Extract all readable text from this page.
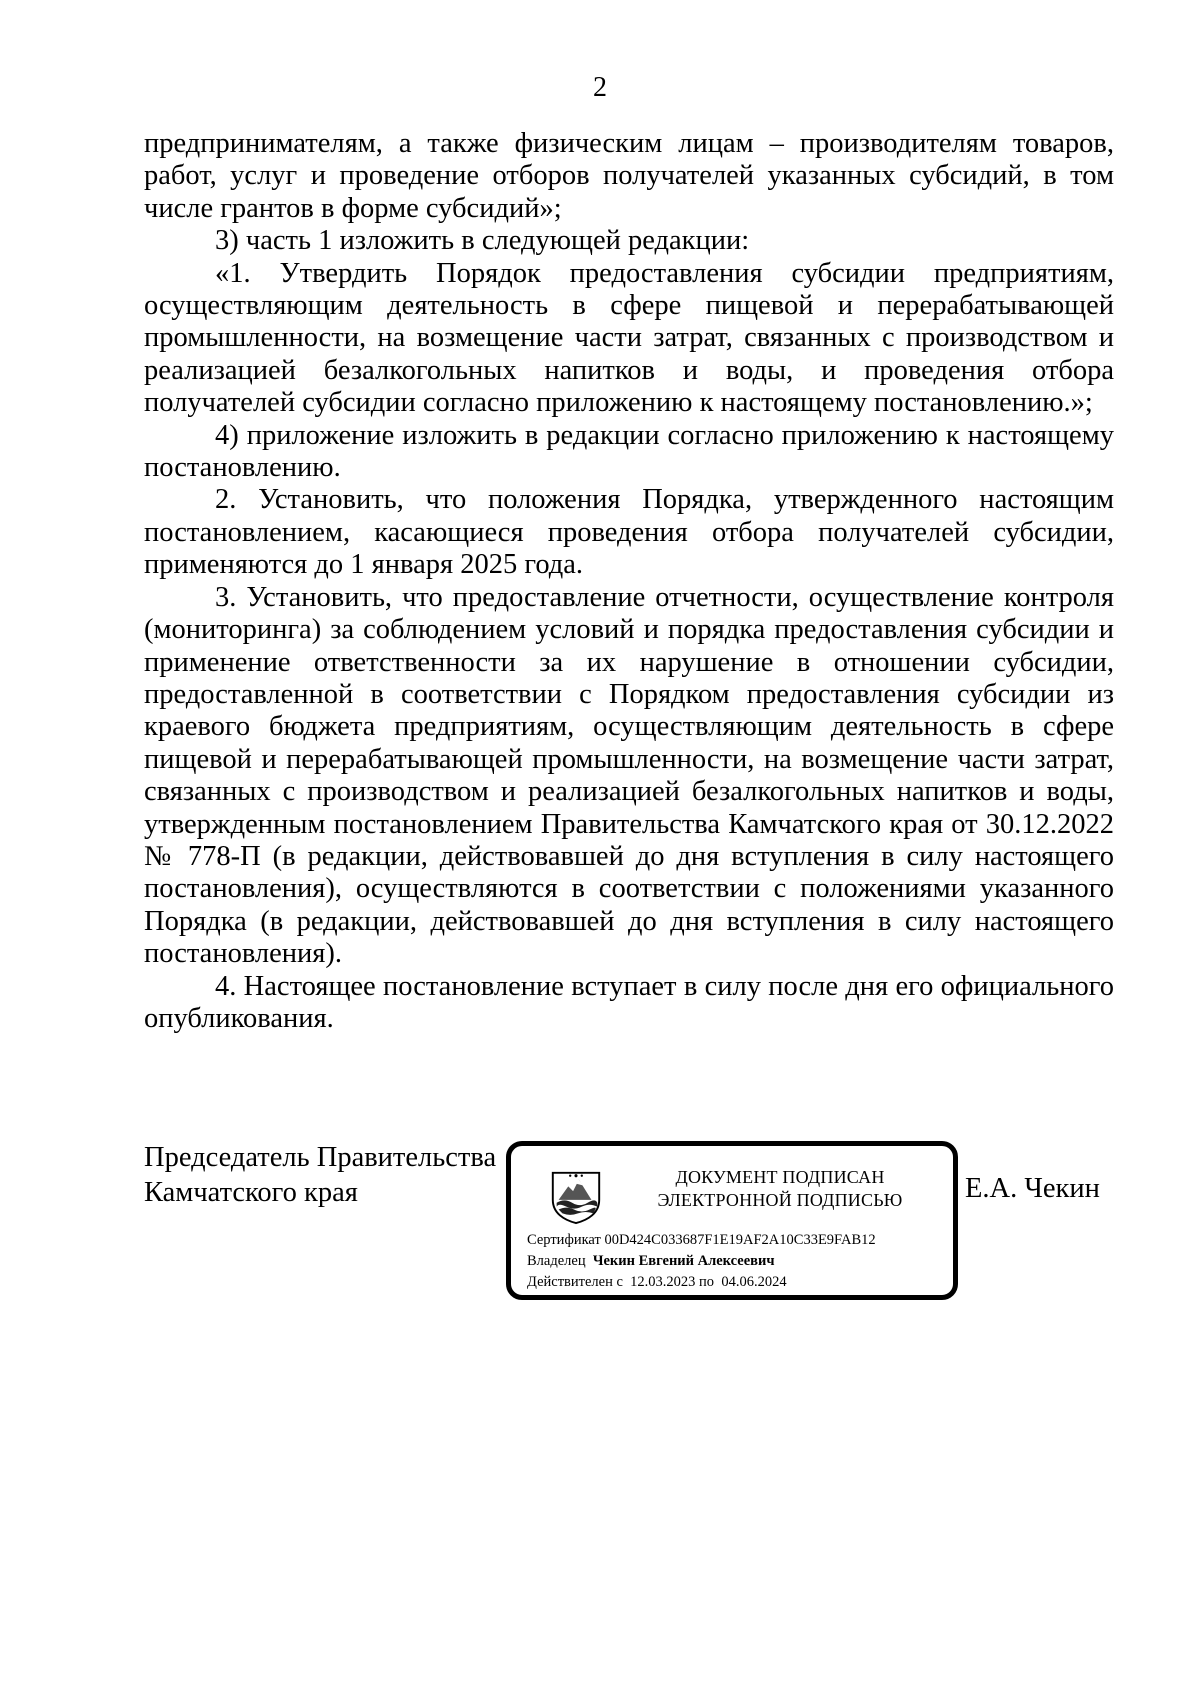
2

предпринимателям, а также физическим лицам – производителям товаров, работ, услуг и проведение отборов получателей указанных субсидий, в том числе грантов в форме субсидий»;

3) часть 1 изложить в следующей редакции:

«1. Утвердить Порядок предоставления субсидии предприятиям, осуществляющим деятельность в сфере пищевой и перерабатывающей промышленности, на возмещение части затрат, связанных с производством и реализацией безалкогольных напитков и воды, и проведения отбора получателей субсидии согласно приложению к настоящему постановлению.»;

4) приложение изложить в редакции согласно приложению к настоящему постановлению.

2. Установить, что положения Порядка, утвержденного настоящим постановлением, касающиеся проведения отбора получателей субсидии, применяются до 1 января 2025 года.

3. Установить, что предоставление отчетности, осуществление контроля (мониторинга) за соблюдением условий и порядка предоставления субсидии и применение ответственности за их нарушение в отношении субсидии, предоставленной в соответствии с Порядком предоставления субсидии из краевого бюджета предприятиям, осуществляющим деятельность в сфере пищевой и перерабатывающей промышленности, на возмещение части затрат, связанных с производством и реализацией безалкогольных напитков и воды, утвержденным постановлением Правительства Камчатского края от 30.12.2022 № 778-П (в редакции, действовавшей до дня вступления в силу настоящего постановления), осуществляются в соответствии с положениями указанного Порядка (в редакции, действовавшей до дня вступления в силу настоящего постановления).

4. Настоящее постановление вступает в силу после дня его официального опубликования.

Председатель Правительства
Камчатского края	ДОКУМЕНТ ПОДПИСАН
ЭЛЕКТРОННОЙ ПОДПИСЬЮ
Сертификат 00D424C033687F1E19AF2A10C33E9FAB12
Владелец Чекин Евгений Алексеевич
Действителен с 12.03.2023 по 04.06.2024
Е.А. Чекин
